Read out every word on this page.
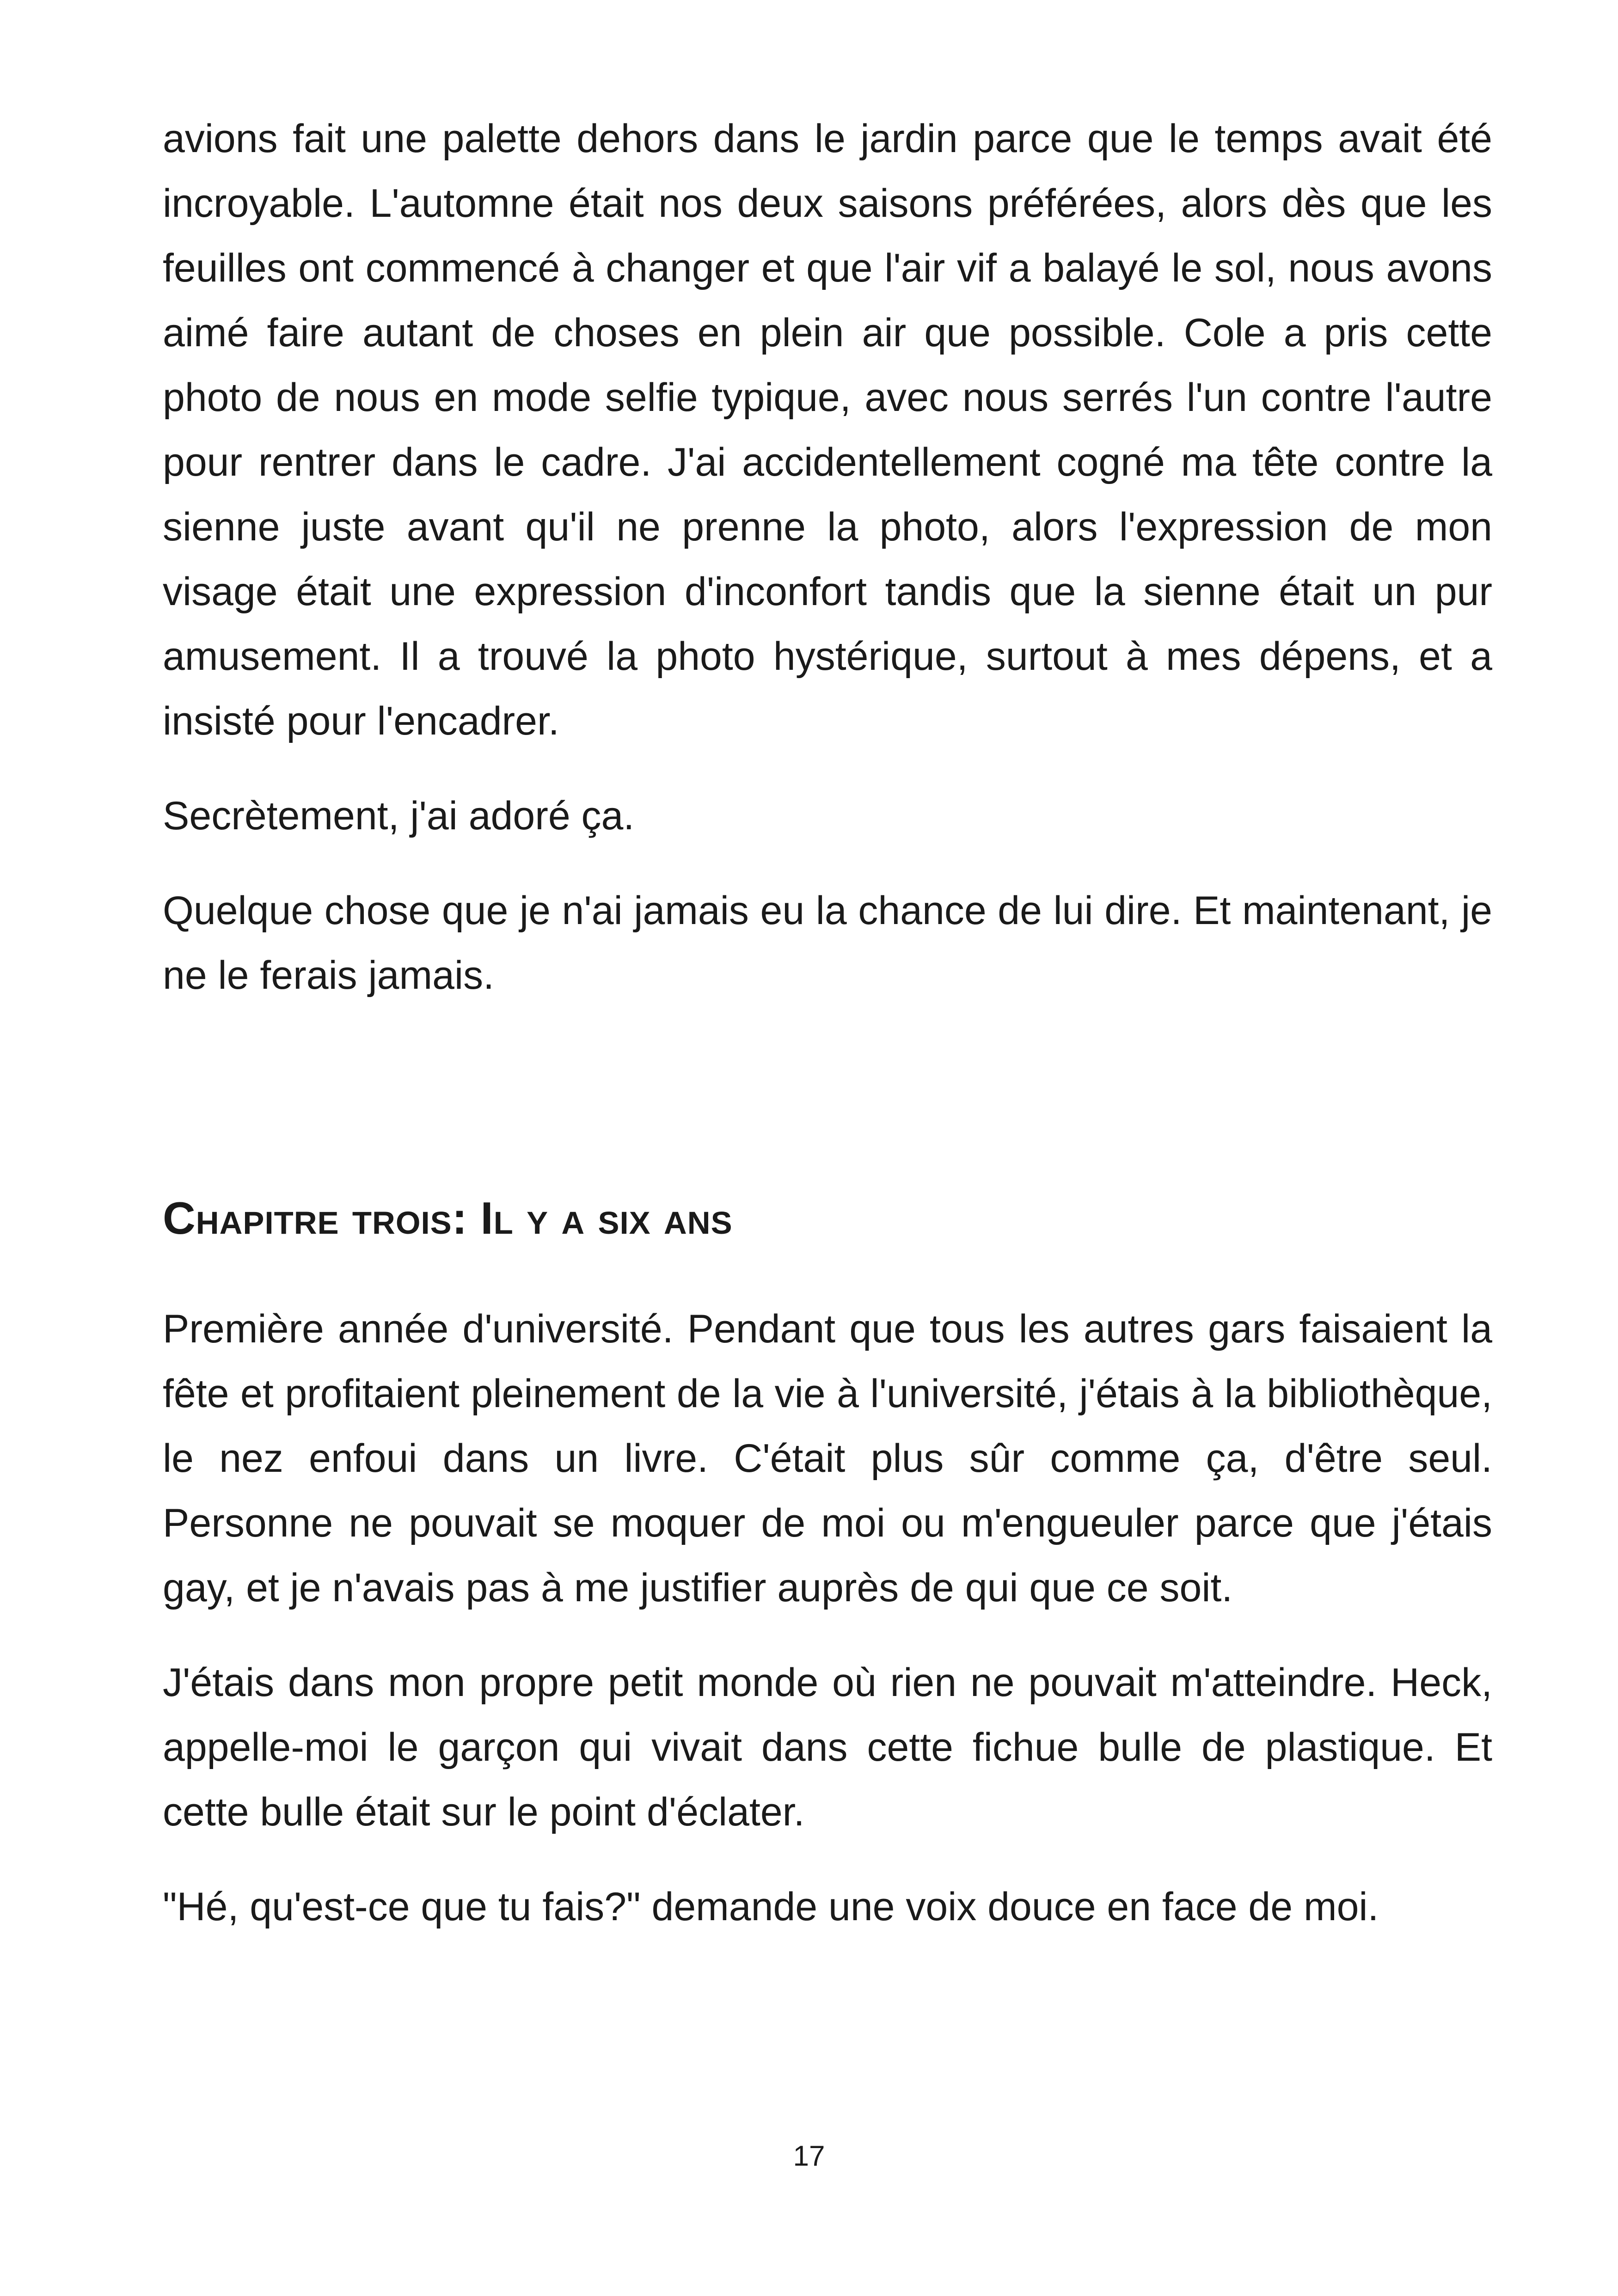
avions fait une palette dehors dans le jardin parce que le temps avait été incroyable. L'automne était nos deux saisons préférées, alors dès que les feuilles ont commencé à changer et que l'air vif a balayé le sol, nous avons aimé faire autant de choses en plein air que possible. Cole a pris cette photo de nous en mode selfie typique, avec nous serrés l'un contre l'autre pour rentrer dans le cadre. J'ai accidentellement cogné ma tête contre la sienne juste avant qu'il ne prenne la photo, alors l'expression de mon visage était une expression d'inconfort tandis que la sienne était un pur amusement. Il a trouvé la photo hystérique, surtout à mes dépens, et a insisté pour l'encadrer.

Secrètement, j'ai adoré ça.

Quelque chose que je n'ai jamais eu la chance de lui dire. Et maintenant, je ne le ferais jamais.

Chapitre trois: Il y a six ans

Première année d'université. Pendant que tous les autres gars faisaient la fête et profitaient pleinement de la vie à l'université, j'étais à la bibliothèque, le nez enfoui dans un livre. C'était plus sûr comme ça, d'être seul. Personne ne pouvait se moquer de moi ou m'engueuler parce que j'étais gay, et je n'avais pas à me justifier auprès de qui que ce soit.

J'étais dans mon propre petit monde où rien ne pouvait m'atteindre. Heck, appelle-moi le garçon qui vivait dans cette fichue bulle de plastique. Et cette bulle était sur le point d'éclater.

"Hé, qu'est-ce que tu fais?" demande une voix douce en face de moi.

17
